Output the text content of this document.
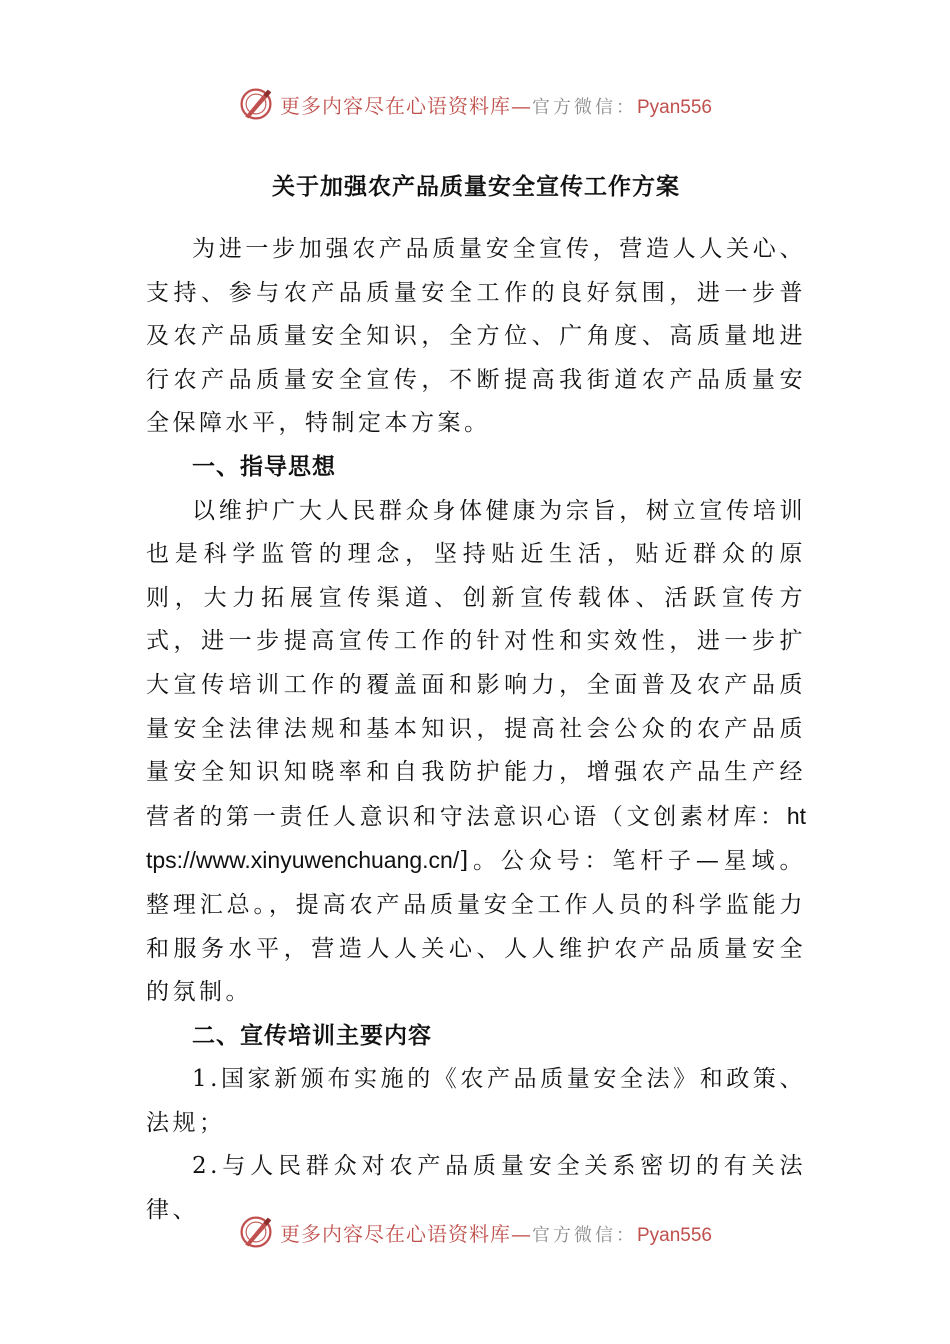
更多内容尽在心语资料库—官方微信：Pyan556
关于加强农产品质量安全宣传工作方案

为进一步加强农产品质量安全宣传，营造人人关心、支持、参与农产品质量安全工作的良好氛围，进一步普及农产品质量安全知识，全方位、广角度、高质量地进行农产品质量安全宣传，不断提高我街道农产品质量安全保障水平，特制定本方案。

一、指导思想

以维护广大人民群众身体健康为宗旨，树立宣传培训也是科学监管的理念，坚持贴近生活，贴近群众的原则，大力拓展宣传渠道、创新宣传载体、活跃宣传方式，进一步提高宣传工作的针对性和实效性，进一步扩大宣传培训工作的覆盖面和影响力，全面普及农产品质量安全法律法规和基本知识，提高社会公众的农产品质量安全知识知晓率和自我防护能力，增强农产品生产经营者的第一责任人意识和守法意识心语（文创素材库：https://www.xinyuwenchuang.cn/]。公众号：笔杆子—星域。整理汇总。，提高农产品质量安全工作人员的科学监能力和服务水平，营造人人关心、人人维护农产品质量安全的氛制。

二、宣传培训主要内容

1.国家新颁布实施的《农产品质量安全法》和政策、法规；

2.与人民群众对农产品质量安全关系密切的有关法律、

更多内容尽在心语资料库—官方微信：Pyan556
